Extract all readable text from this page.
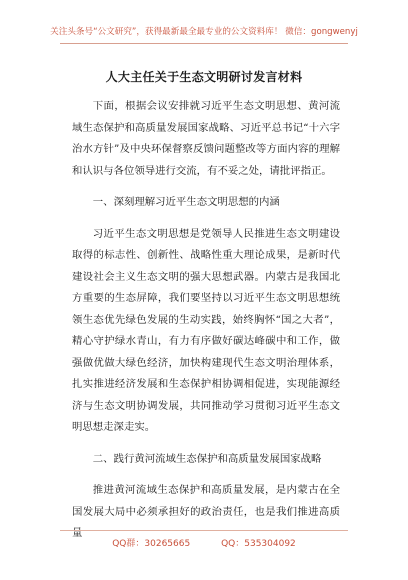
关注头条号“公文研究”，获得最新最全最专业的公文资料库！ 微信：gongwenyj
人大主任关于生态文明研讨发言材料

下面，根据会议安排就习近平生态文明思想、黄河流域生态保护和高质量发展国家战略、习近平总书记“十六字治水方针”及中央环保督察反馈问题整改等方面内容的理解和认识与各位领导进行交流，有不妥之处，请批评指正。

一、深刻理解习近平生态文明思想的内涵

习近平生态文明思想是党领导人民推进生态文明建设取得的标志性、创新性、战略性重大理论成果，是新时代建设社会主义生态文明的强大思想武器。内蒙古是我国北方重要的生态屏障，我们要坚持以习近平生态文明思想统领生态优先绿色发展的生动实践，始终胸怀“国之大者”，精心守护绿水青山，有力有序做好碳达峰碳中和工作，做强做优做大绿色经济，加快构建现代生态文明治理体系，扎实推进经济发展和生态保护相协调相促进，实现能源经济与生态文明协调发展，共同推动学习贯彻习近平生态文明思想走深走实。

二、践行黄河流域生态保护和高质量发展国家战略

推进黄河流域生态保护和高质量发展，是内蒙古在全国发展大局中必须承担好的政治责任，也是我们推进高质量

QQ群：30265665	QQ：535304092
